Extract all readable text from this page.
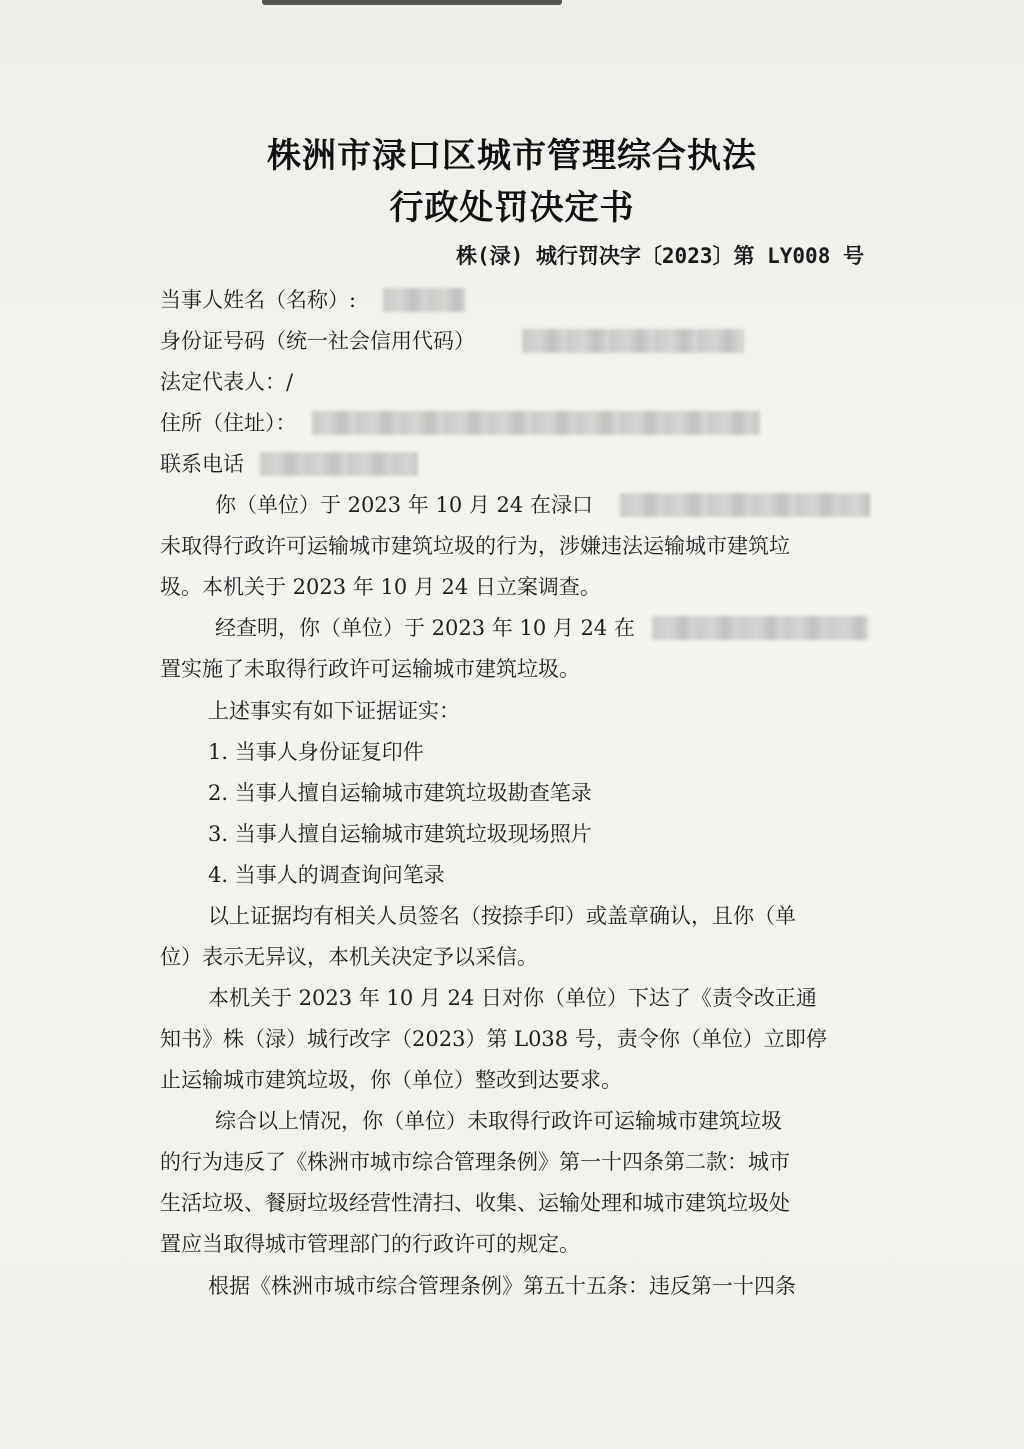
株洲市渌口区城市管理综合执法
行政处罚决定书
株(渌) 城行罚决字〔2023〕第 LY008 号
当事人姓名（名称）:
身份证号码（统一社会信用代码）
法定代表人：/
住所（住址）：
联系电话
你（单位）于 2023 年 10 月 24 在渌口
未取得行政许可运输城市建筑垃圾的行为，涉嫌违法运输城市建筑垃
圾。本机关于 2023 年 10 月 24 日立案调查。
经查明，你（单位）于 2023 年 10 月 24 在
置实施了未取得行政许可运输城市建筑垃圾。
上述事实有如下证据证实：
1. 当事人身份证复印件
2. 当事人擅自运输城市建筑垃圾勘查笔录
3. 当事人擅自运输城市建筑垃圾现场照片
4. 当事人的调查询问笔录
以上证据均有相关人员签名（按捺手印）或盖章确认，且你（单
位）表示无异议，本机关决定予以采信。
本机关于 2023 年 10 月 24 日对你（单位）下达了《责令改正通
知书》株（渌）城行改字（2023）第 L038 号，责令你（单位）立即停
止运输城市建筑垃圾，你（单位）整改到达要求。
综合以上情况，你（单位）未取得行政许可运输城市建筑垃圾
的行为违反了《株洲市城市综合管理条例》第一十四条第二款：城市
生活垃圾、餐厨垃圾经营性清扫、收集、运输处理和城市建筑垃圾处
置应当取得城市管理部门的行政许可的规定。
根据《株洲市城市综合管理条例》第五十五条：违反第一十四条
